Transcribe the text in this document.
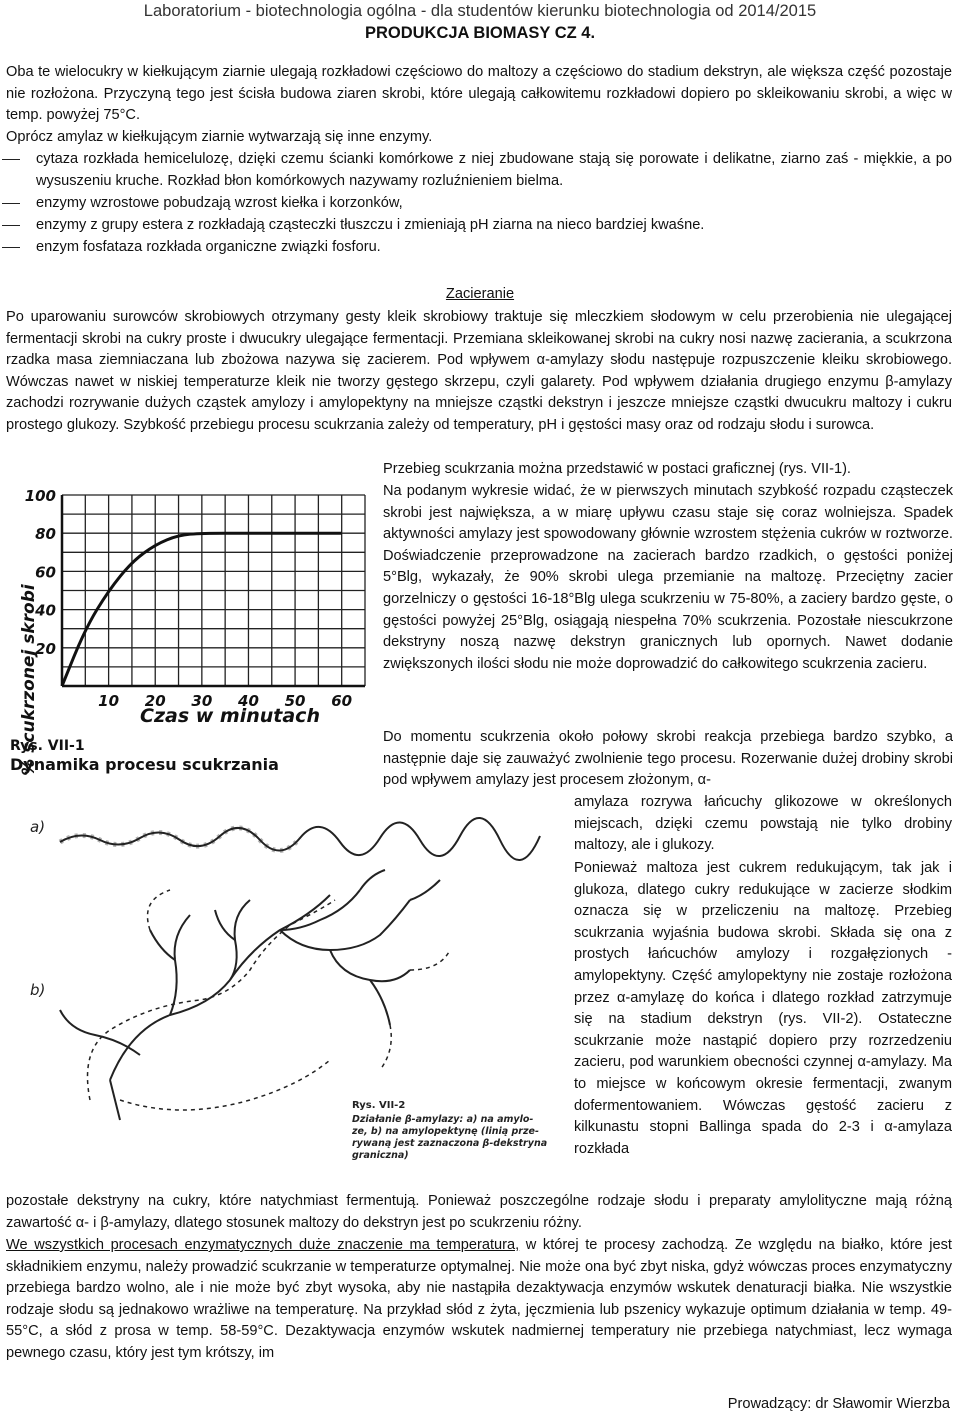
Laboratorium - biotechnologia ogólna - dla studentów kierunku biotechnologia od 2014/2015
PRODUKCJA BIOMASY CZ 4.

Oba te wielocukry w kiełkującym ziarnie ulegają rozkładowi częściowo do maltozy a częściowo do stadium dekstryn, ale większa część pozostaje nie rozłożona. Przyczyną tego jest ścisła budowa ziaren skrobi, które ulegają całkowitemu rozkładowi dopiero po skleikowaniu skrobi, a więc w temp. powyżej 75°C.

Oprócz amylaz w kiełkującym ziarnie wytwarzają się inne enzymy.

cytaza rozkłada hemicelulozę, dzięki czemu ścianki komórkowe z niej zbudowane stają się porowate i delikatne, ziarno zaś - miękkie, a po wysuszeniu kruche. Rozkład błon komórkowych nazywamy rozluźnieniem bielma.

enzymy wzrostowe pobudzają wzrost kiełka i korzonków,

enzymy z grupy estera z rozkładają cząsteczki tłuszczu i zmieniają pH ziarna na nieco bardziej kwaśne.

enzym fosfataza rozkłada organiczne związki fosforu.

Zacieranie

Po uparowaniu surowców skrobiowych otrzymany gesty kleik skrobiowy traktuje się mleczkiem słodowym w celu przerobienia nie ulegającej fermentacji skrobi na cukry proste i dwucukry ulegające fermentacji. Przemiana skleikowanej skrobi na cukry nosi nazwę zacierania, a scukrzona rzadka masa ziemniaczana lub zbożowa nazywa się zacierem. Pod wpływem α-amylazy słodu następuje rozpuszczenie kleiku skrobiowego. Wówczas nawet w niskiej temperaturze kleik nie tworzy gęstego skrzepu, czyli galarety. Pod wpływem działania drugiego enzymu β-amylazy zachodzi rozrywanie dużych cząstek amylozy i amylopektyny na mniejsze cząstki dekstryn i jeszcze mniejsze cząstki dwucukru maltozy i cukru prostego glukozy. Szybkość przebiegu procesu scukrzania zależy od temperatury, pH i gęstości masy oraz od rodzaju słodu i surowca.

Przebieg scukrzania można przedstawić w postaci graficznej (rys. VII-1).

Na podanym wykresie widać, że w pierwszych minutach szybkość rozpadu cząsteczek skrobi jest największa, a w miarę upływu czasu staje się coraz wolniejsza. Spadek aktywności amylazy jest spowodowany głównie wzrostem stężenia cukrów w roztworze. Doświadczenie przeprowadzone na zacierach bardzo rzadkich, o gęstości poniżej 5°Blg, wykazały, że 90% skrobi ulega przemianie na maltozę. Przeciętny zacier gorzelniczy o gęstości 16-18°Blg ulega scukrzeniu w 75-80%, a zaciery bardzo gęste, o gęstości powyżej 25°Blg, osiągają niespełna 70% scukrzenia. Pozostałe niescukrzone dekstryny noszą nazwę dekstryn granicznych lub opornych. Nawet dodanie zwiększonych ilości słodu nie może doprowadzić do całkowitego scukrzenia zacieru.

Do momentu scukrzenia około połowy skrobi reakcja przebiega bardzo szybko, a następnie daje się zauważyć zwolnienie tego procesu. Rozerwanie dużej drobiny skrobi pod wpływem amylazy jest procesem złożonym, α-

amylaza rozrywa łańcuchy glikozowe w określonych miejscach, dzięki czemu powstają nie tylko drobiny maltozy, ale i glukozy.

Ponieważ maltoza jest cukrem redukującym, tak jak i glukoza, dlatego cukry redukujące w zacierze słodkim oznacza się w przeliczeniu na maltozę. Przebieg scukrzania wyjaśnia budowa skrobi. Składa się ona z prostych łańcuchów amylozy i rozgałęzionych - amylopektyny. Część amylopektyny nie zostaje rozłożona przez α-amylazę do końca i dlatego rozkład zatrzymuje się na stadium dekstryn (rys. VII-2). Ostateczne scukrzanie może nastąpić dopiero przy rozrzedzeniu zacieru, pod warunkiem obecności czynnej α-amylazy. Ma to miejsce w końcowym okresie fermentacji, zwanym dofermentowaniem. Wówczas gęstość zacieru z kilkunastu stopni Ballinga spada do 2-3 i α-amylaza rozkłada

pozostałe dekstryny na cukry, które natychmiast fermentują. Ponieważ poszczególne rodzaje słodu i preparaty amylolityczne mają różną zawartość α- i β-amylazy, dlatego stosunek maltozy do dekstryn jest po scukrzeniu różny.

We wszystkich procesach enzymatycznych duże znaczenie ma temperatura, w której te procesy zachodzą. Ze względu na białko, które jest składnikiem enzymu, należy prowadzić scukrzanie w temperaturze optymalnej. Nie może ona być zbyt niska, gdyż wówczas proces enzymatyczny przebiega bardzo wolno, ale i nie może być zbyt wysoka, aby nie nastąpiła dezaktywacja enzymów wskutek denaturacji białka. Nie wszystkie rodzaje słodu są jednakowo wrażliwe na temperaturę. Na przykład słód z żyta, jęczmienia lub pszenicy wykazuje optimum działania w temp. 49-55°C, a słód z prosa w temp. 58-59°C. Dezaktywacja enzymów wskutek nadmiernej temperatury nie przebiega natychmiast, lecz wymaga pewnego czasu, który jest tym krótszy, im

100
80
60
40
20
10 20 30 40 50 60
% scukrzonej skrobi	Czas w minutach
Rys. VII-1
Dynamika procesu scukrzania
a)
b)
Rys. VII-2
Działanie β-amylazy: a) na amylo-
ze, b) na amylopektynę (linią prze-
rywaną jest zaznaczona β-dekstryna
graniczna)
Prowadzący: dr Sławomir Wierzba
